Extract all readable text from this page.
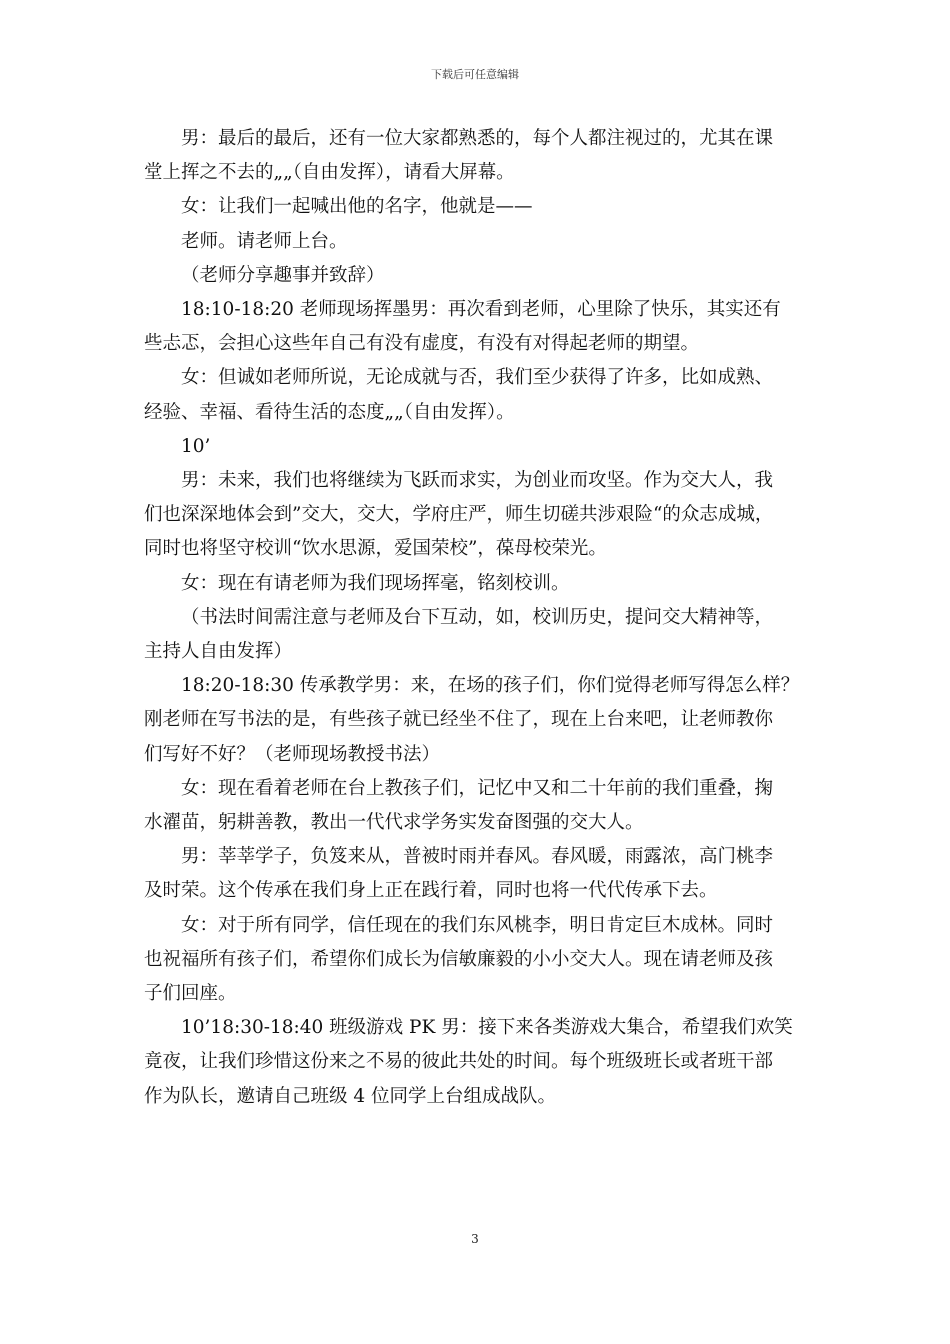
下载后可任意编辑

男：最后的最后，还有一位大家都熟悉的，每个人都注视过的，尤其在课
堂上挥之不去的„„（自由发挥），请看大屏幕。

女：让我们一起喊出他的名字，他就是——

老师。请老师上台。

（老师分享趣事并致辞）

18:10-18:20 老师现场挥墨男：再次看到老师，心里除了快乐，其实还有
些忐忑，会担心这些年自己有没有虚度，有没有对得起老师的期望。

女：但诚如老师所说，无论成就与否，我们至少获得了许多，比如成熟、
经验、幸福、看待生活的态度„„（自由发挥）。

10’

男：未来，我们也将继续为飞跃而求实，为创业而攻坚。作为交大人，我
们也深深地体会到”交大，交大，学府庄严，师生切磋共涉艰险“的众志成城，
同时也将坚守校训“饮水思源，爱国荣校”，葆母校荣光。

女：现在有请老师为我们现场挥毫，铭刻校训。

（书法时间需注意与老师及台下互动，如，校训历史，提问交大精神等，
主持人自由发挥）

18:20-18:30 传承教学男：来，在场的孩子们，你们觉得老师写得怎么样？
刚老师在写书法的是，有些孩子就已经坐不住了，现在上台来吧，让老师教你
们写好不好？（老师现场教授书法）

女：现在看着老师在台上教孩子们，记忆中又和二十年前的我们重叠，掬
水濯苗，躬耕善教，教出一代代求学务实发奋图强的交大人。

男：莘莘学子，负笈来从，普被时雨并春风。春风暖，雨露浓，高门桃李
及时荣。这个传承在我们身上正在践行着，同时也将一代代传承下去。

女：对于所有同学，信任现在的我们东风桃李，明日肯定巨木成林。同时
也祝福所有孩子们，希望你们成长为信敏廉毅的小小交大人。现在请老师及孩
子们回座。

10’18:30-18:40 班级游戏 PK 男：接下来各类游戏大集合，希望我们欢笑
竟夜，让我们珍惜这份来之不易的彼此共处的时间。每个班级班长或者班干部
作为队长，邀请自己班级 4 位同学上台组成战队。

3
